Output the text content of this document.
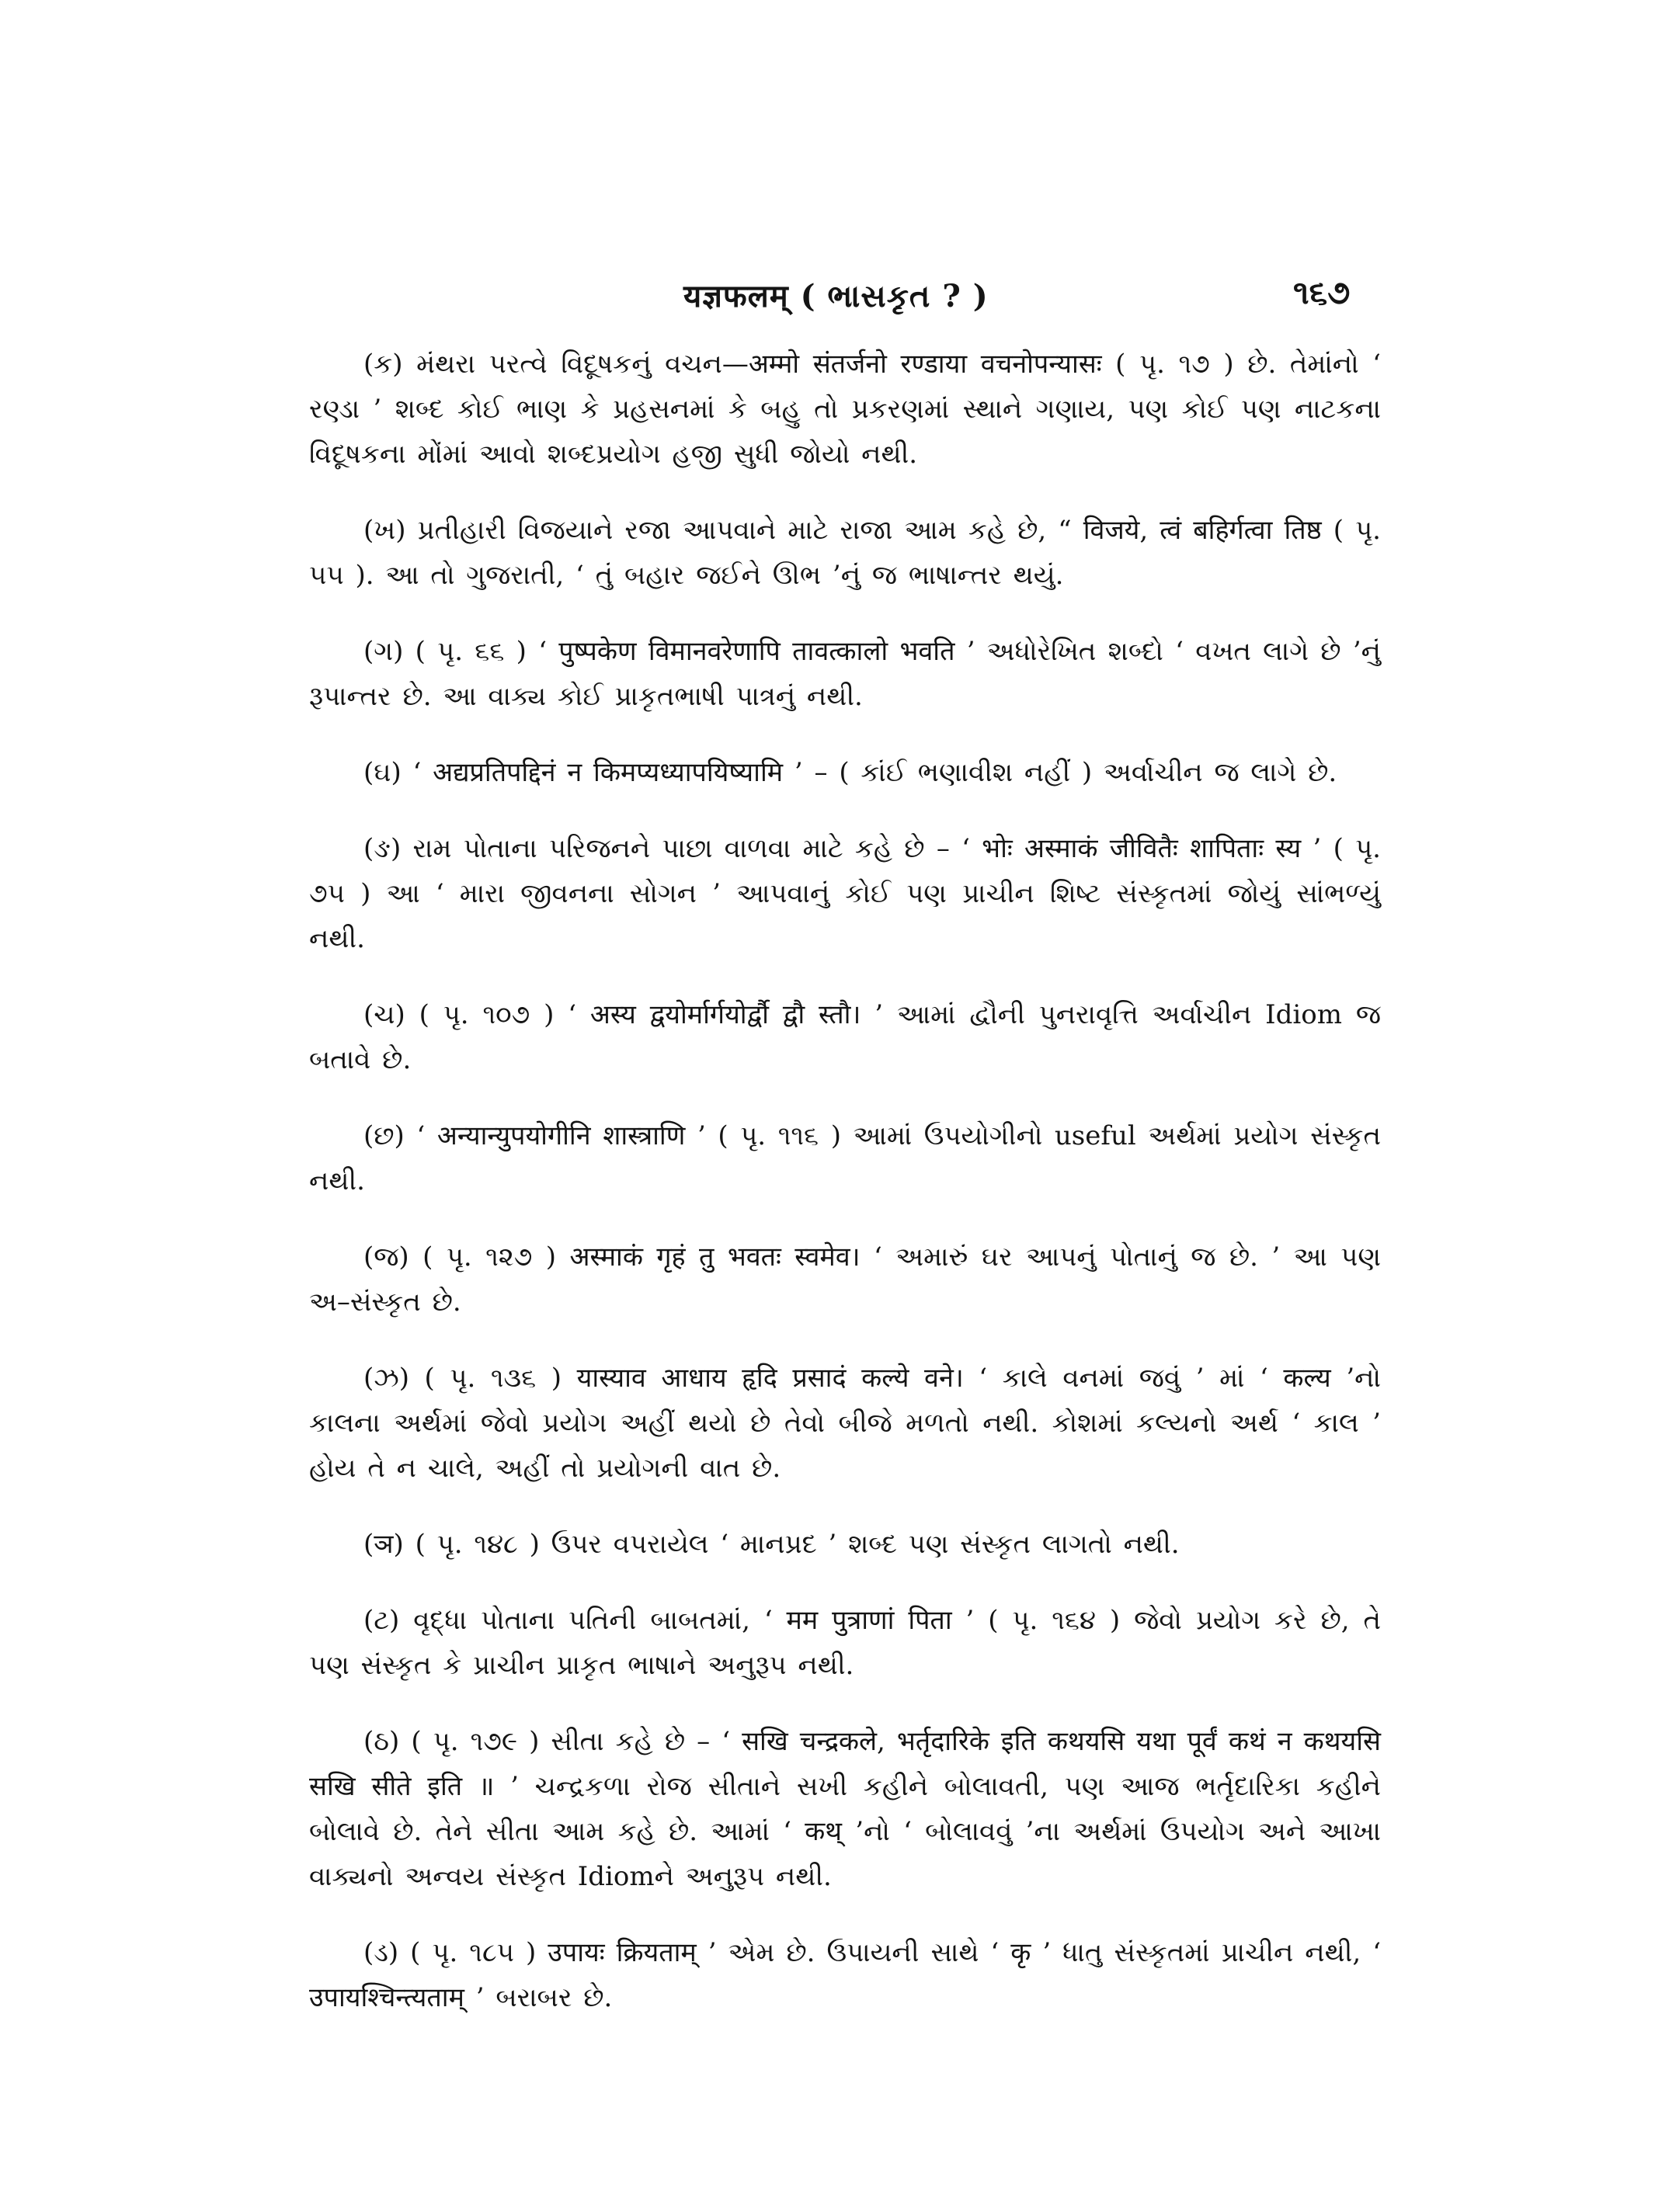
यज्ञफलम् ( ભાસકૃત ? )	૧૬૭

(ક) મંથરા પરત્વે વિદૂષકનું વચન—अम्मो संतर्जनो रण्डाया वचनोपन्यासः ( પૃ. ૧૭ ) છે. તેમાંનો ‘ રણ્ડા ’ શબ્દ કોઈ ભાણ કે પ્રહસનમાં કે બહુ તો પ્રકરણમાં સ્થાને ગણાય, પણ કોઈ પણ નાટકના વિદૂષકના મોંમાં આવો શબ્દપ્રયોગ હજી સુધી જોયો નથી.

(ખ) પ્રતીહારી વિજયાને રજા આપવાને માટે રાજા આમ કહે છે, “ विजये, त्वं बहिर्गत्वा तिष्ठ ( પૃ. ૫૫ ). આ તો ગુજરાતી, ‘ તું બહાર જઈને ઊભ ’નું જ ભાષાન્તર થયું.

(ગ) ( પૃ. ૬૬ ) ‘ पुष्पकेण विमानवरेणापि तावत्कालो भवति ’ અધોરેખિત શબ્દો ‘ વખત લાગે છે ’નું રૂપાન્તર છે. આ વાક્ય કોઈ પ્રાકૃતભાષી પાત્રનું નથી.

(ઘ) ‘ अद्यप्रतिपद्दिनं न किमप्यध्यापयिष्यामि ’ – ( કાંઈ ભણાવીશ નહીં ) અર્વાચીન જ લાગે છે.

(ઙ) રામ પોતાના પરિજનને પાછા વાળવા માટે કહે છે – ‘ भोः अस्माकं जीवितैः शापिताः स्य ’ ( પૃ. ૭૫ ) આ ‘ મારા જીવનના સોગન ’ આપવાનું કોઈ પણ પ્રાચીન શિષ્ટ સંસ્કૃતમાં જોયું સાંભળ્યું નથી.

(ચ) ( પૃ. ૧૦૭ ) ‘ अस्य द्वयोर्मार्गयोर्द्वौ द्वौ स्तौ। ’ આમાં દ્વૌની પુનરાવૃત્તિ અર્વાચીન Idiom જ બતાવે છે.

(છ) ‘ अन्यान्युपयोगीनि शास्त्राणि ’ ( પૃ. ૧૧૬ ) આમાં ઉપયોગીનો useful અર્થમાં પ્રયોગ સંસ્કૃત નથી.

(જ) ( પૃ. ૧૨૭ ) अस्माकं गृहं तु भवतः स्वमेव। ‘ અમારું ઘર આપનું પોતાનું જ છે. ’ આ પણ અ–સંસ્કૃત છે.

(ઝ) ( પૃ. ૧૩૬ ) यास्याव आधाय हृदि प्रसादं कल्ये वने। ‘ કાલે વનમાં જવું ’ માં ‘ कल्य ’નો કાલના અર્થમાં જેવો પ્રયોગ અહીં થયો છે તેવો બીજે મળતો નથી. કોશમાં કલ્યનો અર્થ ‘ કાલ ’ હોય તે ન ચાલે, અહીં તો પ્રયોગની વાત છે.

(ञ) ( પૃ. ૧૪૮ ) ઉપર વપરાયેલ ‘ માનપ્રદ ’ શબ્દ પણ સંસ્કૃત લાગતો નથી.

(ટ) વૃદ્ધા પોતાના પતિની બાબતમાં, ‘ मम पुत्राणां पिता ’ ( પૃ. ૧૬૪ ) જેવો પ્રયોગ કરે છે, તે પણ સંસ્કૃત કે પ્રાચીન પ્રાકૃત ભાષાને અનુરૂપ નથી.

(ઠ) ( પૃ. ૧૭૯ ) સીતા કહે છે – ‘ सखि चन्द्रकले, भर्तृदारिके इति कथयसि यथा पूर्वं कथं न कथयसि सखि सीते इति ॥ ’ ચન્દ્રકળા રોજ સીતાને સખી કહીને બોલાવતી, પણ આજ ભર્તૃદારિકા કહીને બોલાવે છે. તેને સીતા આમ કહે છે. આમાં ‘ कथ् ’નો ‘ બોલાવવું ’ના અર્થમાં ઉપયોગ અને આખા વાક્યનો અન્વય સંસ્કૃત Idiomને અનુરૂપ નથી.

(ડ) ( પૃ. ૧૮૫ ) उपायः क्रियताम् ’ એમ છે. ઉપાયની સાથે ‘ कृ ’ ધાતુ સંસ્કૃતમાં પ્રાચીન નથી, ‘ उपायश्चिन्त्यताम् ’ બરાબર છે.
